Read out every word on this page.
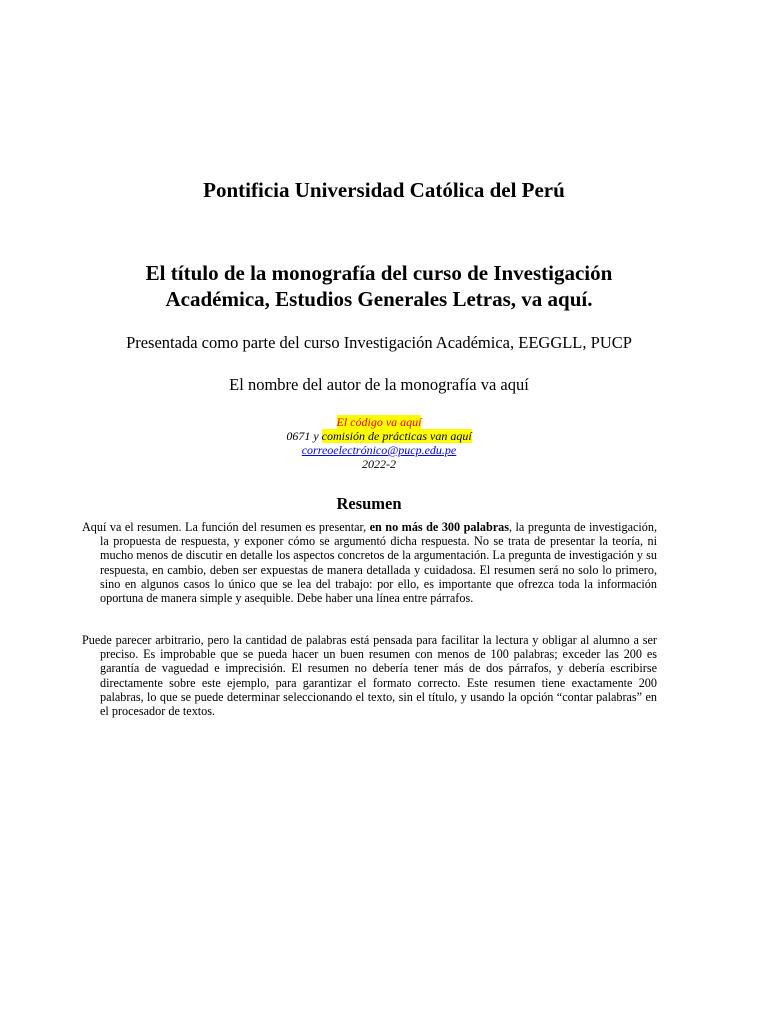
Pontificia Universidad Católica del Perú
El título de la monografía del curso de Investigación Académica, Estudios Generales Letras, va aquí.

Presentada como parte del curso Investigación Académica, EEGGLL, PUCP

El nombre del autor de la monografía va aquí

El código va aquí
0671 y comisión de prácticas van aquí
correoelectrónico@pucp.edu.pe
2022-2
Resumen

Aquí va el resumen. La función del resumen es presentar, en no más de 300 palabras, la pregunta de investigación, la propuesta de respuesta, y exponer cómo se argumentó dicha respuesta. No se trata de presentar la teoría, ni mucho menos de discutir en detalle los aspectos concretos de la argumentación. La pregunta de investigación y su respuesta, en cambio, deben ser expuestas de manera detallada y cuidadosa. El resumen será no solo lo primero, sino en algunos casos lo único que se lea del trabajo: por ello, es importante que ofrezca toda la información oportuna de manera simple y asequible. Debe haber una línea entre párrafos.

Puede parecer arbitrario, pero la cantidad de palabras está pensada para facilitar la lectura y obligar al alumno a ser preciso. Es improbable que se pueda hacer un buen resumen con menos de 100 palabras; exceder las 200 es garantía de vaguedad e imprecisión. El resumen no debería tener más de dos párrafos, y debería escribirse directamente sobre este ejemplo, para garantizar el formato correcto. Este resumen tiene exactamente 200 palabras, lo que se puede determinar seleccionando el texto, sin el título, y usando la opción “contar palabras” en el procesador de textos.
